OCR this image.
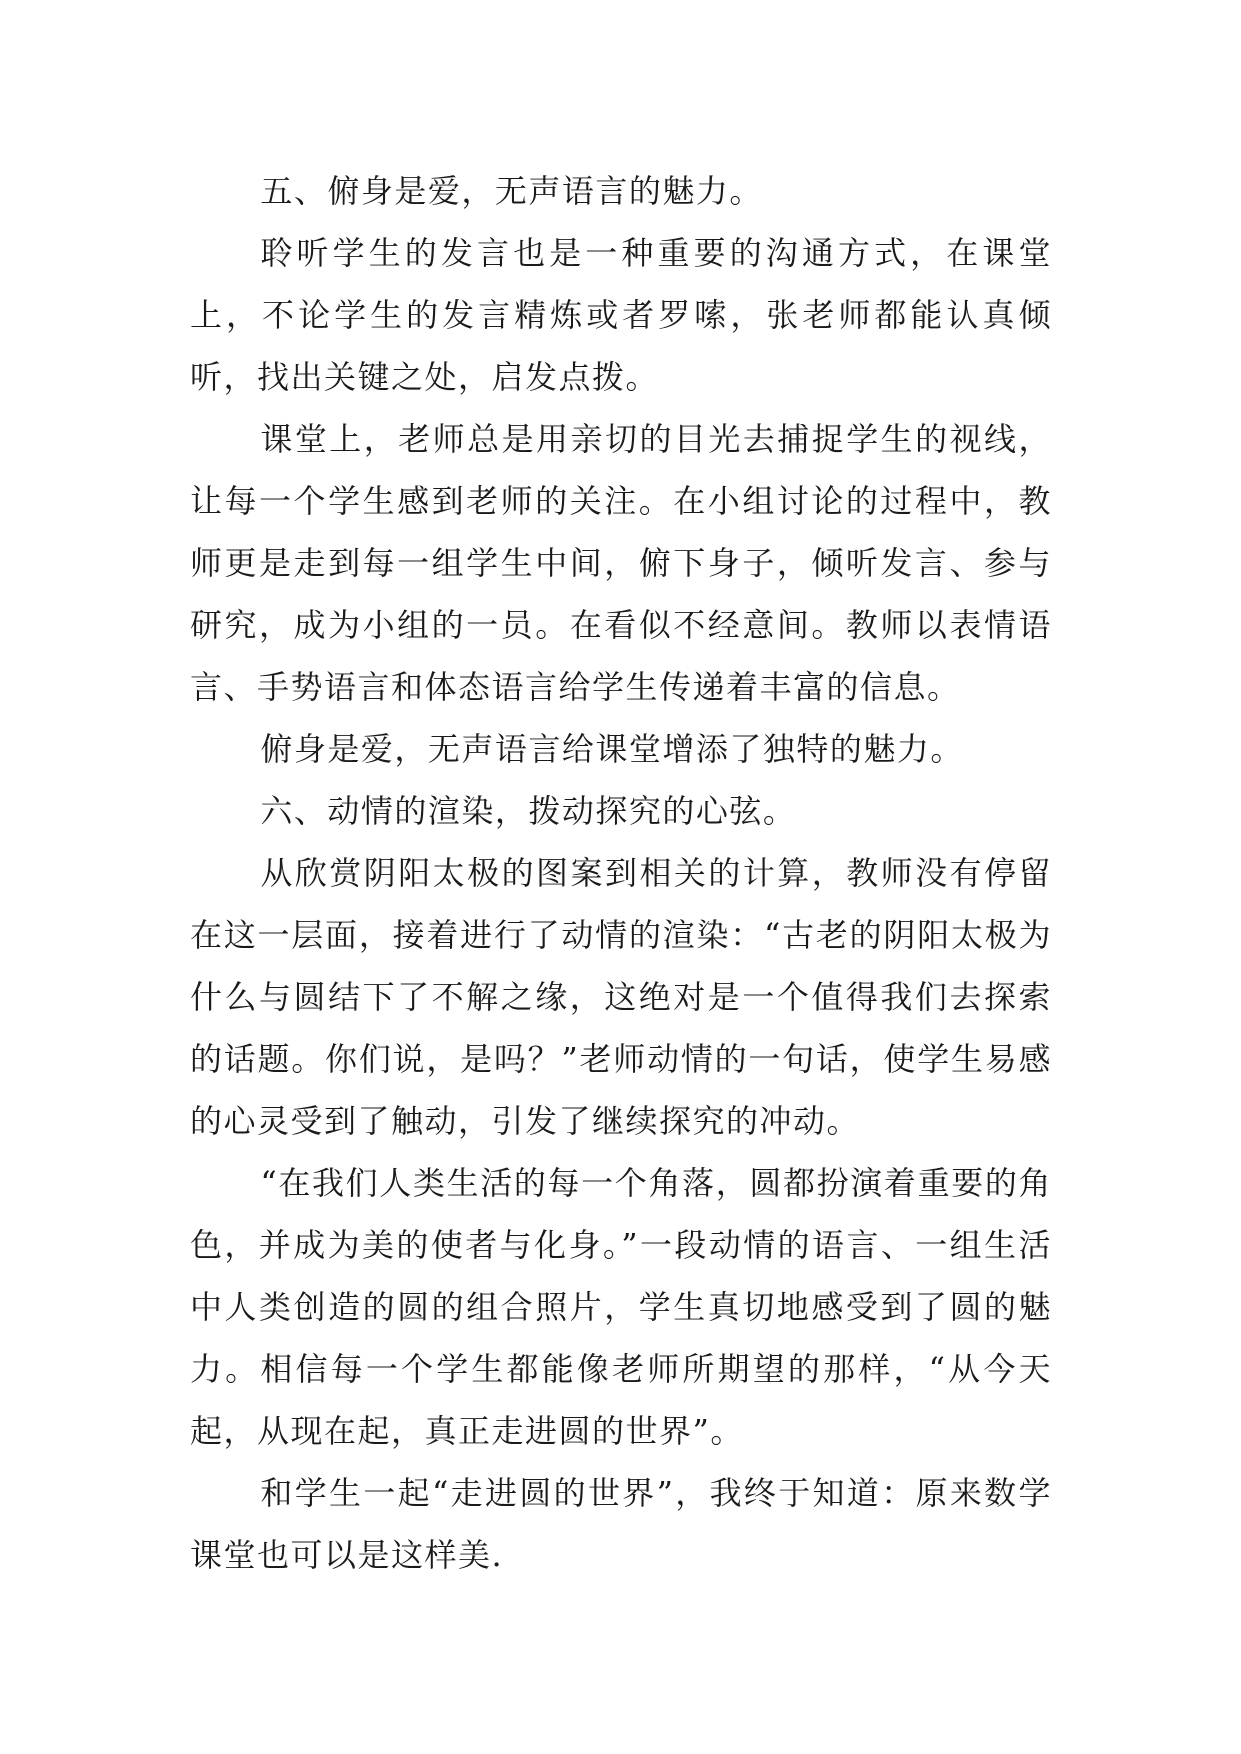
五、俯身是爱，无声语言的魅力。

聆听学生的发言也是一种重要的沟通方式，在课堂上，不论学生的发言精炼或者罗嗦，张老师都能认真倾听，找出关键之处，启发点拨。

课堂上，老师总是用亲切的目光去捕捉学生的视线，让每一个学生感到老师的关注。在小组讨论的过程中，教师更是走到每一组学生中间，俯下身子，倾听发言、参与研究，成为小组的一员。在看似不经意间。教师以表情语言、手势语言和体态语言给学生传递着丰富的信息。

俯身是爱，无声语言给课堂增添了独特的魅力。

六、动情的渲染，拨动探究的心弦。

从欣赏阴阳太极的图案到相关的计算，教师没有停留在这一层面，接着进行了动情的渲染：“古老的阴阳太极为什么与圆结下了不解之缘，这绝对是一个值得我们去探索的话题。你们说，是吗？”老师动情的一句话，使学生易感的心灵受到了触动，引发了继续探究的冲动。

“在我们人类生活的每一个角落，圆都扮演着重要的角色，并成为美的使者与化身。”一段动情的语言、一组生活中人类创造的圆的组合照片，学生真切地感受到了圆的魅力。相信每一个学生都能像老师所期望的那样，“从今天起，从现在起，真正走进圆的世界”。

和学生一起“走进圆的世界”，我终于知道：原来数学课堂也可以是这样美.
